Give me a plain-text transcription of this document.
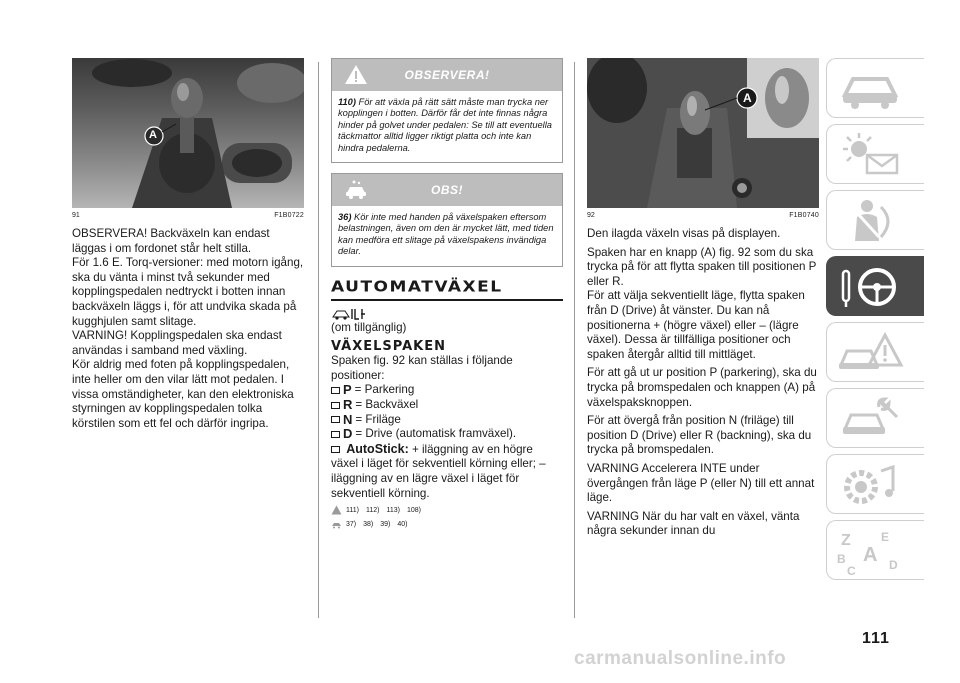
A
91	F1B0722

OBSERVERA! Backväxeln kan endast läggas i om fordonet står helt stilla.

För 1.6 E. Torq-versioner: med motorn igång, ska du vänta i minst två sekunder med kopplingspedalen nedtryckt i botten innan backväxeln läggs i, för att undvika skada på kugghjulen samt slitage.

VARNING! Kopplingspedalen ska endast användas i samband med växling.

Kör aldrig med foten på kopplingspedalen, inte heller om den vilar lätt mot pedalen. I vissa omständigheter, kan den elektroniska styrningen av kopplingspedalen tolka körstilen som ett fel och därför ingripa.

OBSERVERA!
110) För att växla på rätt sätt måste man trycka ner kopplingen i botten. Därför får det inte finnas några hinder på golvet under pedalen: Se till att eventuella täckmattor alltid ligger riktigt platta och inte kan hindra pedalerna.
OBS!
36) Kör inte med handen på växelspaken eftersom belastningen, även om den är mycket lätt, med tiden kan medföra ett slitage på växelspakens invändiga delar.
AUTOMATVÄXEL
(om tillgänglig)
VÄXELSPAKEN
Spaken fig. 92 kan ställas i följande positioner:
P = Parkering
R = Backväxel
N = Friläge
D = Drive (automatisk framväxel).
AutoStick: + iläggning av en högre växel i läget för sekventiell körning eller; – iläggning av en lägre växel i läget för sekventiell körning.
111) 112) 113) 108)
37) 38) 39) 40)
A
92	F1B0740

Den ilagda växeln visas på displayen.

Spaken har en knapp (A) fig. 92 som du ska trycka på för att flytta spaken till positionen P eller R.

För att välja sekventiellt läge, flytta spaken från D (Drive) åt vänster. Du kan nå positionerna + (högre växel) eller – (lägre växel). Dessa är tillfälliga positioner och spaken återgår alltid till mittläget.

För att gå ut ur position P (parkering), ska du trycka på bromspedalen och knappen (A) på växelspaksknoppen.

För att övergå från position N (friläge) till position D (Drive) eller R (backning), ska du trycka på bromspedalen.

VARNING Accelerera INTE under övergången från läge P (eller N) till ett annat läge.

VARNING När du har valt en växel, vänta några sekunder innan du

Z	E
B A
C	D
111
carmanualsonline.info
